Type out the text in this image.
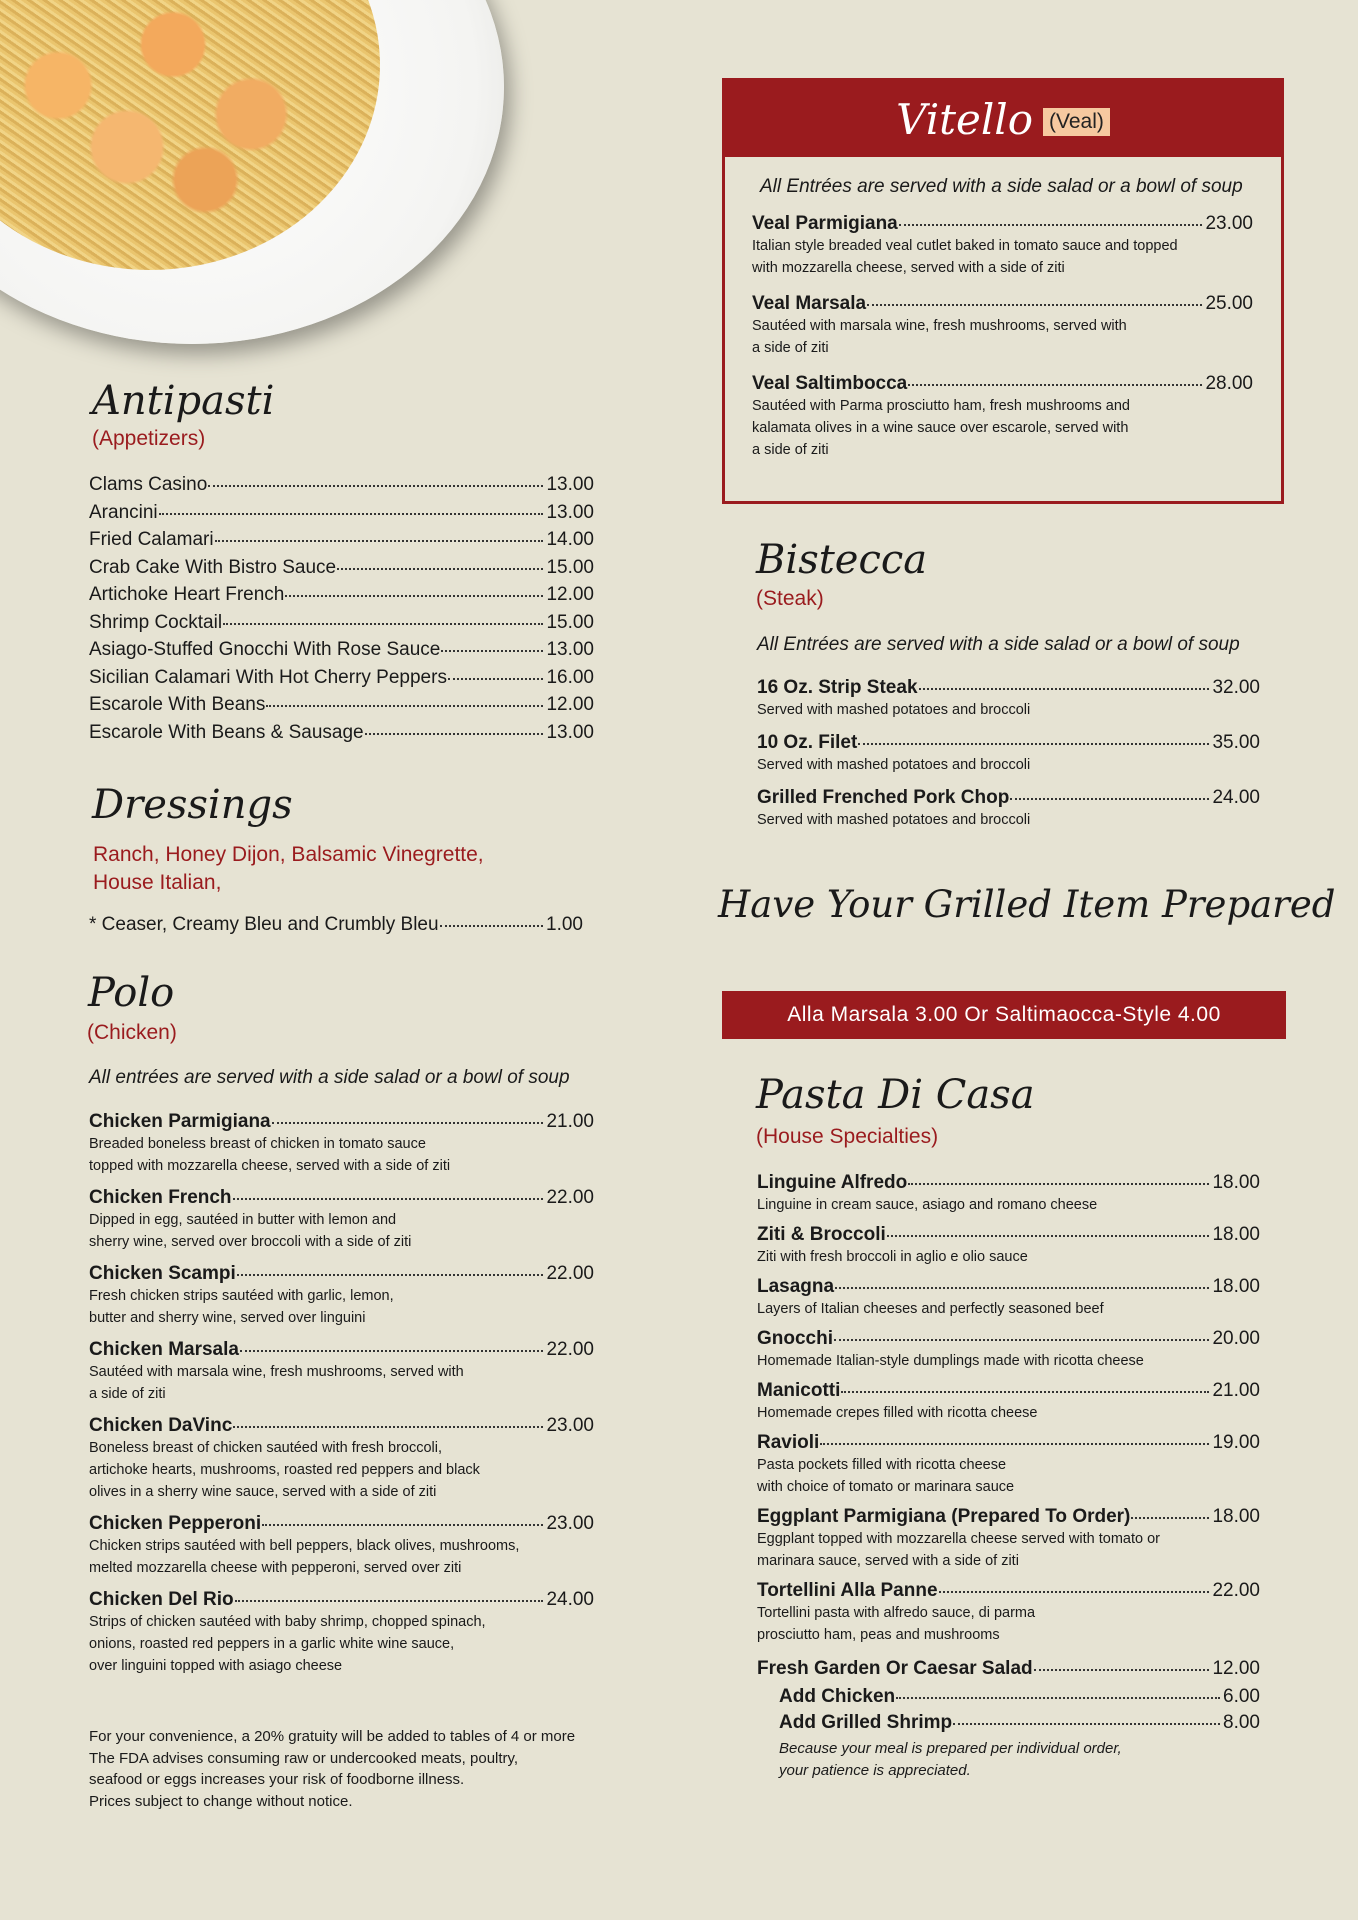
Antipasti
(Appetizers)
Clams Casino	13.00
Arancini	13.00
Fried Calamari	14.00
Crab Cake With Bistro Sauce	15.00
Artichoke Heart French	12.00
Shrimp Cocktail	15.00
Asiago-Stuffed Gnocchi With Rose Sauce	13.00
Sicilian Calamari With Hot Cherry Peppers	16.00
Escarole With Beans	12.00
Escarole With Beans & Sausage	13.00
Dressings
Ranch, Honey Dijon, Balsamic Vinegrette,
House Italian,
* Ceaser, Creamy Bleu and Crumbly Bleu	1.00
Polo
(Chicken)
All entrées are served with a side salad or a bowl of soup
Chicken Parmigiana	21.00
Breaded boneless breast of chicken in tomato sauce
topped with mozzarella cheese, served with a side of ziti
Chicken French	22.00
Dipped in egg, sautéed in butter with lemon and
sherry wine, served over broccoli with a side of ziti
Chicken Scampi	22.00
Fresh chicken strips sautéed with garlic, lemon,
butter and sherry wine, served over linguini
Chicken Marsala	22.00
Sautéed with marsala wine, fresh mushrooms, served with
a side of ziti
Chicken DaVinc	23.00
Boneless breast of chicken sautéed with fresh broccoli,
artichoke hearts, mushrooms, roasted red peppers and black
olives in a sherry wine sauce, served with a side of ziti
Chicken Pepperoni	23.00
Chicken strips sautéed with bell peppers, black olives, mushrooms,
melted mozzarella cheese with pepperoni, served over ziti
Chicken Del Rio	24.00
Strips of chicken sautéed with baby shrimp, chopped spinach,
onions, roasted red peppers in a garlic white wine sauce,
over linguini topped with asiago cheese
For your convenience, a 20% gratuity will be added to tables of 4 or more
The FDA advises consuming raw or undercooked meats, poultry,
seafood or eggs increases your risk of foodborne illness.
Prices subject to change without notice.
Vitello (Veal)
All Entrées are served with a side salad or a bowl of soup
Veal Parmigiana	23.00
Italian style breaded veal cutlet baked in tomato sauce and topped
with mozzarella cheese, served with a side of ziti
Veal Marsala	25.00
Sautéed with marsala wine, fresh mushrooms, served with
a side of ziti
Veal Saltimbocca	28.00
Sautéed with Parma prosciutto ham, fresh mushrooms and
kalamata olives in a wine sauce over escarole, served with
a side of ziti
Bistecca
(Steak)
All Entrées are served with a side salad or a bowl of soup
16 Oz. Strip Steak	32.00
Served with mashed potatoes and broccoli
10 Oz. Filet	35.00
Served with mashed potatoes and broccoli
Grilled Frenched Pork Chop	24.00
Served with mashed potatoes and broccoli
Have Your Grilled Item Prepared
Alla Marsala 3.00 Or Saltimaocca-Style 4.00
Pasta Di Casa
(House Specialties)
Linguine Alfredo	18.00
Linguine in cream sauce, asiago and romano cheese
Ziti & Broccoli	18.00
Ziti with fresh broccoli in aglio e olio sauce
Lasagna	18.00
Layers of Italian cheeses and perfectly seasoned beef
Gnocchi	20.00
Homemade Italian-style dumplings made with ricotta cheese
Manicotti	21.00
Homemade crepes filled with ricotta cheese
Ravioli	19.00
Pasta pockets filled with ricotta cheese
with choice of tomato or marinara sauce
Eggplant Parmigiana (Prepared To Order)	18.00
Eggplant topped with mozzarella cheese served with tomato or
marinara sauce, served with a side of ziti
Tortellini Alla Panne	22.00
Tortellini pasta with alfredo sauce, di parma
prosciutto ham, peas and mushrooms
Fresh Garden Or Caesar Salad	12.00
Add Chicken	6.00
Add Grilled Shrimp	8.00
Because your meal is prepared per individual order,
your patience is appreciated.
